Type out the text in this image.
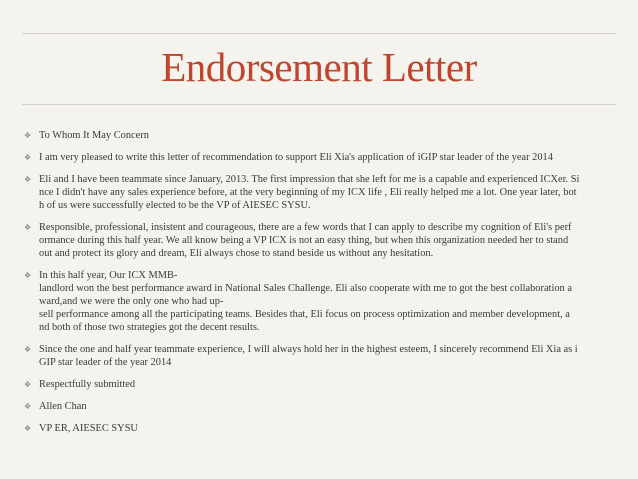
Endorsement Letter
❖ To Whom It May Concern
❖ I am very pleased to write this letter of recommendation to support Eli Xia's application of iGIP star leader of the year 2014
❖ Eli and I have been teammate since January, 2013. The first impression that she left for me is a capable and experienced ICXer. Si
nce I didn't have any sales experience before, at the very beginning of my ICX life , Eli really helped me a lot. One year later, bot
h of us were successfully elected to be the VP of AIESEC SYSU.
❖ Responsible, professional, insistent and courageous, there are a few words that I can apply to describe my cognition of Eli's perf
ormance during this half year. We all know being a VP ICX is not an easy thing, but when this organization needed her to stand
out and protect its glory and dream, Eli always chose to stand beside us without any hesitation.
❖ In this half year, Our ICX MMB-
landlord won the best performance award in National Sales Challenge. Eli also cooperate with me to got the best collaboration a
ward,and we were the only one who had up-
sell performance among all the participating teams. Besides that, Eli focus on process optimization and member development, a
nd both of those two strategies got the decent results.
❖ Since the one and half year teammate experience, I will always hold her in the highest esteem, I sincerely recommend Eli Xia as i
GIP star leader of the year 2014
❖ Respectfully submitted
❖ Allen Chan
❖ VP ER, AIESEC SYSU
